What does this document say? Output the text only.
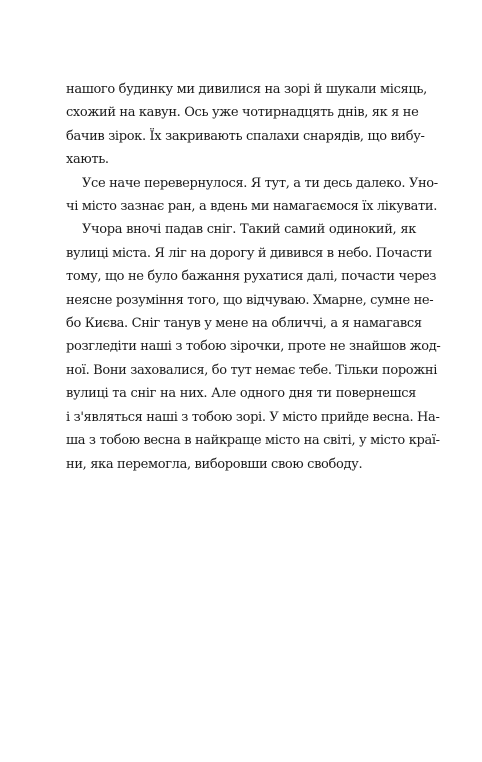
нашого будинку ми дивилися на зорі й шукали місяць,
схожий на кавун. Ось уже чотирнадцять днів, як я не
бачив зірок. Їх закривають спалахи снарядів, що вибу-
хають.
Усе наче перевернулося. Я тут, а ти десь далеко. Уно-
чі місто зазнає ран, а вдень ми намагаємося їх лікувати.
Учора вночі падав сніг. Такий самий одинокий, як
вулиці міста. Я ліг на дорогу й дивився в небо. Почасти
тому, що не було бажання рухатися далі, почасти через
неясне розуміння того, що відчуваю. Хмарне, сумне не-
бо Києва. Сніг танув у мене на обличчі, а я намагався
розгледіти наші з тобою зірочки, проте не знайшов жод-
ної. Вони заховалися, бо тут немає тебе. Тільки порожні
вулиці та сніг на них. Але одного дня ти повернешся
і з'являться наші з тобою зорі. У місто прийде весна. На-
ша з тобою весна в найкраще місто на світі, у місто краї-
ни, яка перемогла, виборовши свою свободу.
